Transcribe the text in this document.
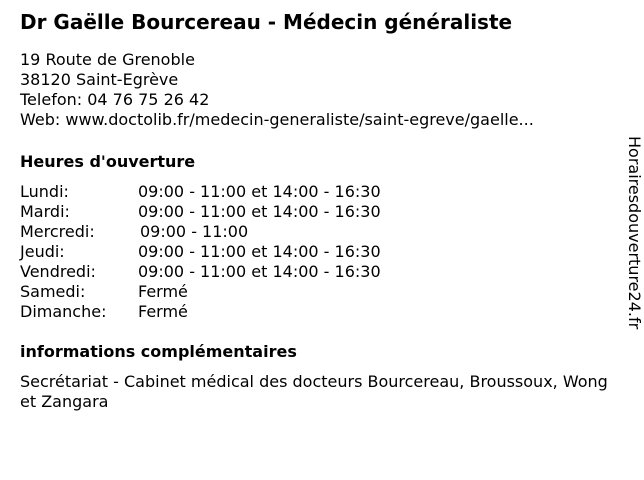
Dr Gaëlle Bourcereau - Médecin généraliste
19 Route de Grenoble
38120 Saint-Egrève
Telefon: 04 76 75 26 42
Web: www.doctolib.fr/medecin-generaliste/saint-egreve/gaelle...
Heures d'ouverture
Lundi:	09:00 - 11:00 et 14:00 - 16:30
Mardi:	09:00 - 11:00 et 14:00 - 16:30
Mercredi:	09:00 - 11:00
Jeudi:	09:00 - 11:00 et 14:00 - 16:30
Vendredi:	09:00 - 11:00 et 14:00 - 16:30
Samedi:	Fermé
Dimanche:	Fermé
informations complémentaires
Secrétariat - Cabinet médical des docteurs Bourcereau, Broussoux, Wong et Zangara
Horairesdouverture24.fr
